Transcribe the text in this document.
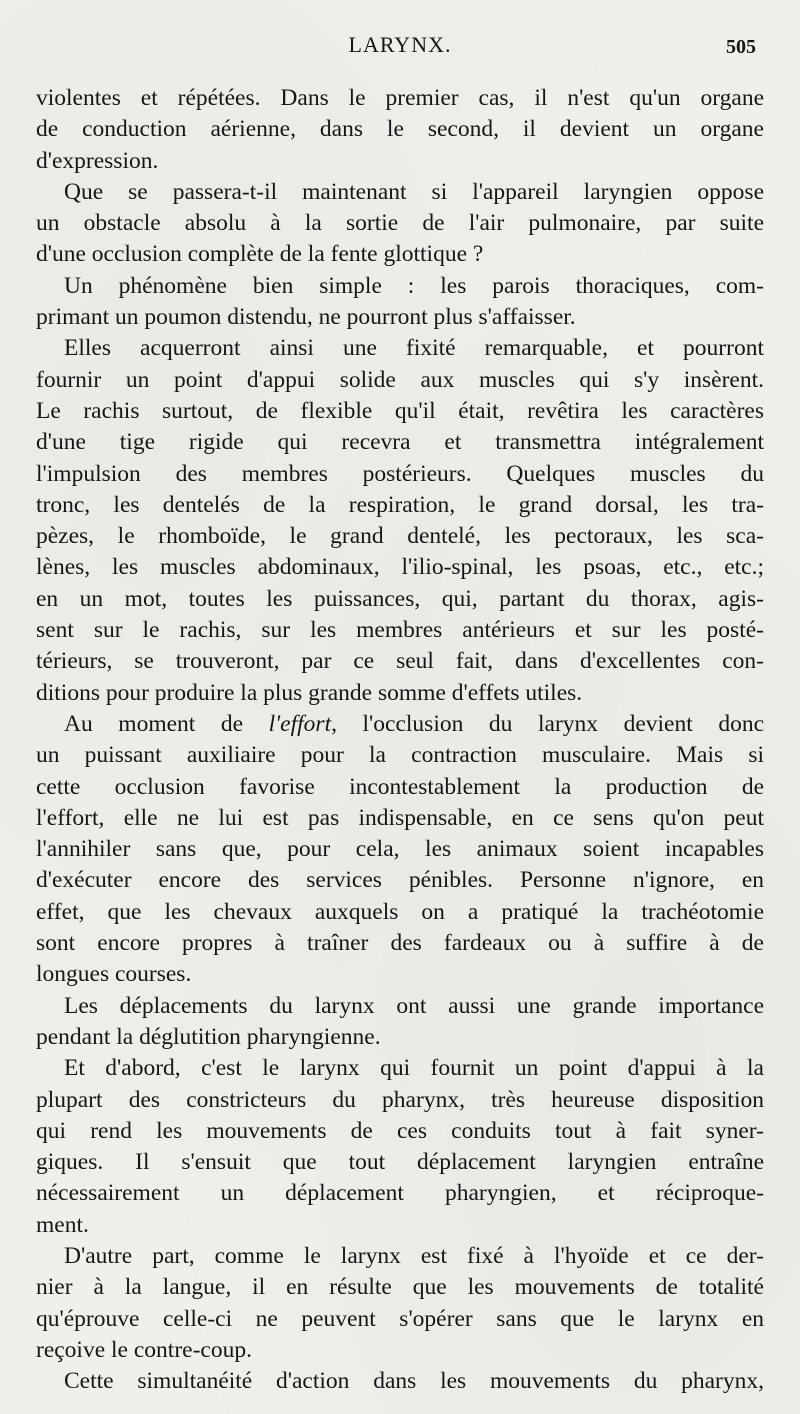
LARYNX.	505
violentes et répétées. Dans le premier cas, il n'est qu'un organe
de conduction aérienne, dans le second, il devient un organe
d'expression.
Que se passera-t-il maintenant si l'appareil laryngien oppose
un obstacle absolu à la sortie de l'air pulmonaire, par suite
d'une occlusion complète de la fente glottique ?
Un phénomène bien simple : les parois thoraciques, com-
primant un poumon distendu, ne pourront plus s'affaisser.
Elles acquerront ainsi une fixité remarquable, et pourront
fournir un point d'appui solide aux muscles qui s'y insèrent.
Le rachis surtout, de flexible qu'il était, revêtira les caractères
d'une tige rigide qui recevra et transmettra intégralement
l'impulsion des membres postérieurs. Quelques muscles du
tronc, les dentelés de la respiration, le grand dorsal, les tra-
pèzes, le rhomboïde, le grand dentelé, les pectoraux, les sca-
lènes, les muscles abdominaux, l'ilio-spinal, les psoas, etc., etc.;
en un mot, toutes les puissances, qui, partant du thorax, agis-
sent sur le rachis, sur les membres antérieurs et sur les posté-
térieurs, se trouveront, par ce seul fait, dans d'excellentes con-
ditions pour produire la plus grande somme d'effets utiles.
Au moment de l'effort, l'occlusion du larynx devient donc
un puissant auxiliaire pour la contraction musculaire. Mais si
cette occlusion favorise incontestablement la production de
l'effort, elle ne lui est pas indispensable, en ce sens qu'on peut
l'annihiler sans que, pour cela, les animaux soient incapables
d'exécuter encore des services pénibles. Personne n'ignore, en
effet, que les chevaux auxquels on a pratiqué la trachéotomie
sont encore propres à traîner des fardeaux ou à suffire à de
longues courses.
Les déplacements du larynx ont aussi une grande importance
pendant la déglutition pharyngienne.
Et d'abord, c'est le larynx qui fournit un point d'appui à la
plupart des constricteurs du pharynx, très heureuse disposition
qui rend les mouvements de ces conduits tout à fait syner-
giques. Il s'ensuit que tout déplacement laryngien entraîne
nécessairement un déplacement pharyngien, et réciproque-
ment.
D'autre part, comme le larynx est fixé à l'hyoïde et ce der-
nier à la langue, il en résulte que les mouvements de totalité
qu'éprouve celle-ci ne peuvent s'opérer sans que le larynx en
reçoive le contre-coup.
Cette simultanéité d'action dans les mouvements du pharynx,
